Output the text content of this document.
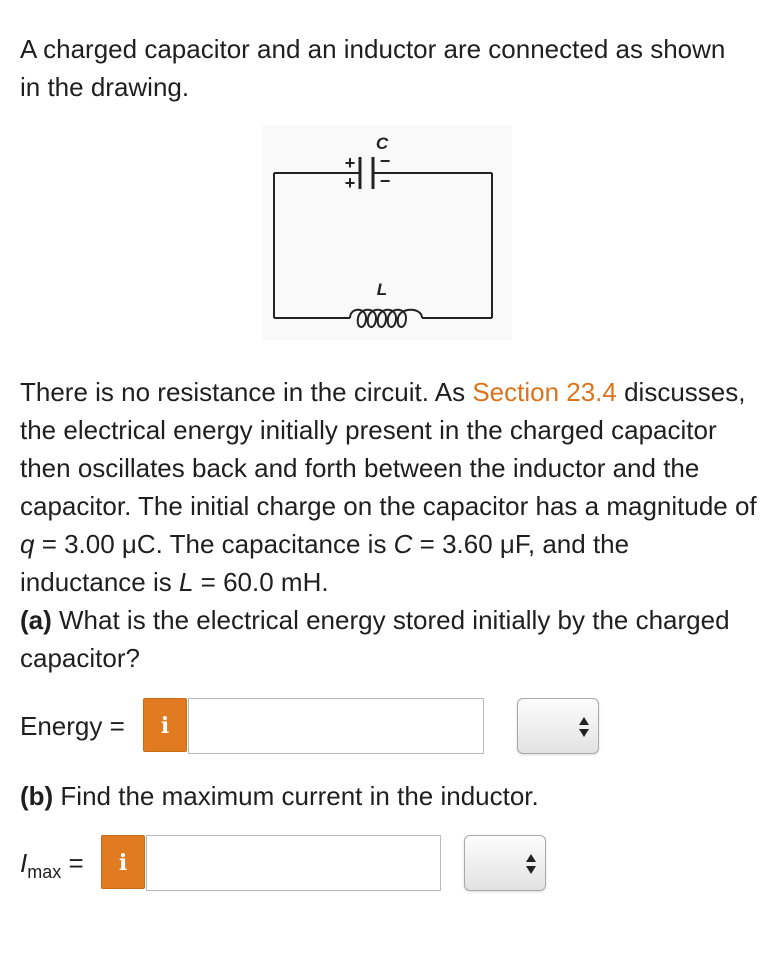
A charged capacitor and an inductor are connected as shown in the drawing.

C
+
+
−
−
L

There is no resistance in the circuit. As Section 23.4 discusses, the electrical energy initially present in the charged capacitor then oscillates back and forth between the inductor and the capacitor. The initial charge on the capacitor has a magnitude of q = 3.00 μC. The capacitance is C = 3.60 μF, and the inductance is L = 60.0 mH.
(a) What is the electrical energy stored initially by the charged capacitor?

Energy =	i

(b) Find the maximum current in the inductor.

$I_{max}$ =	i
